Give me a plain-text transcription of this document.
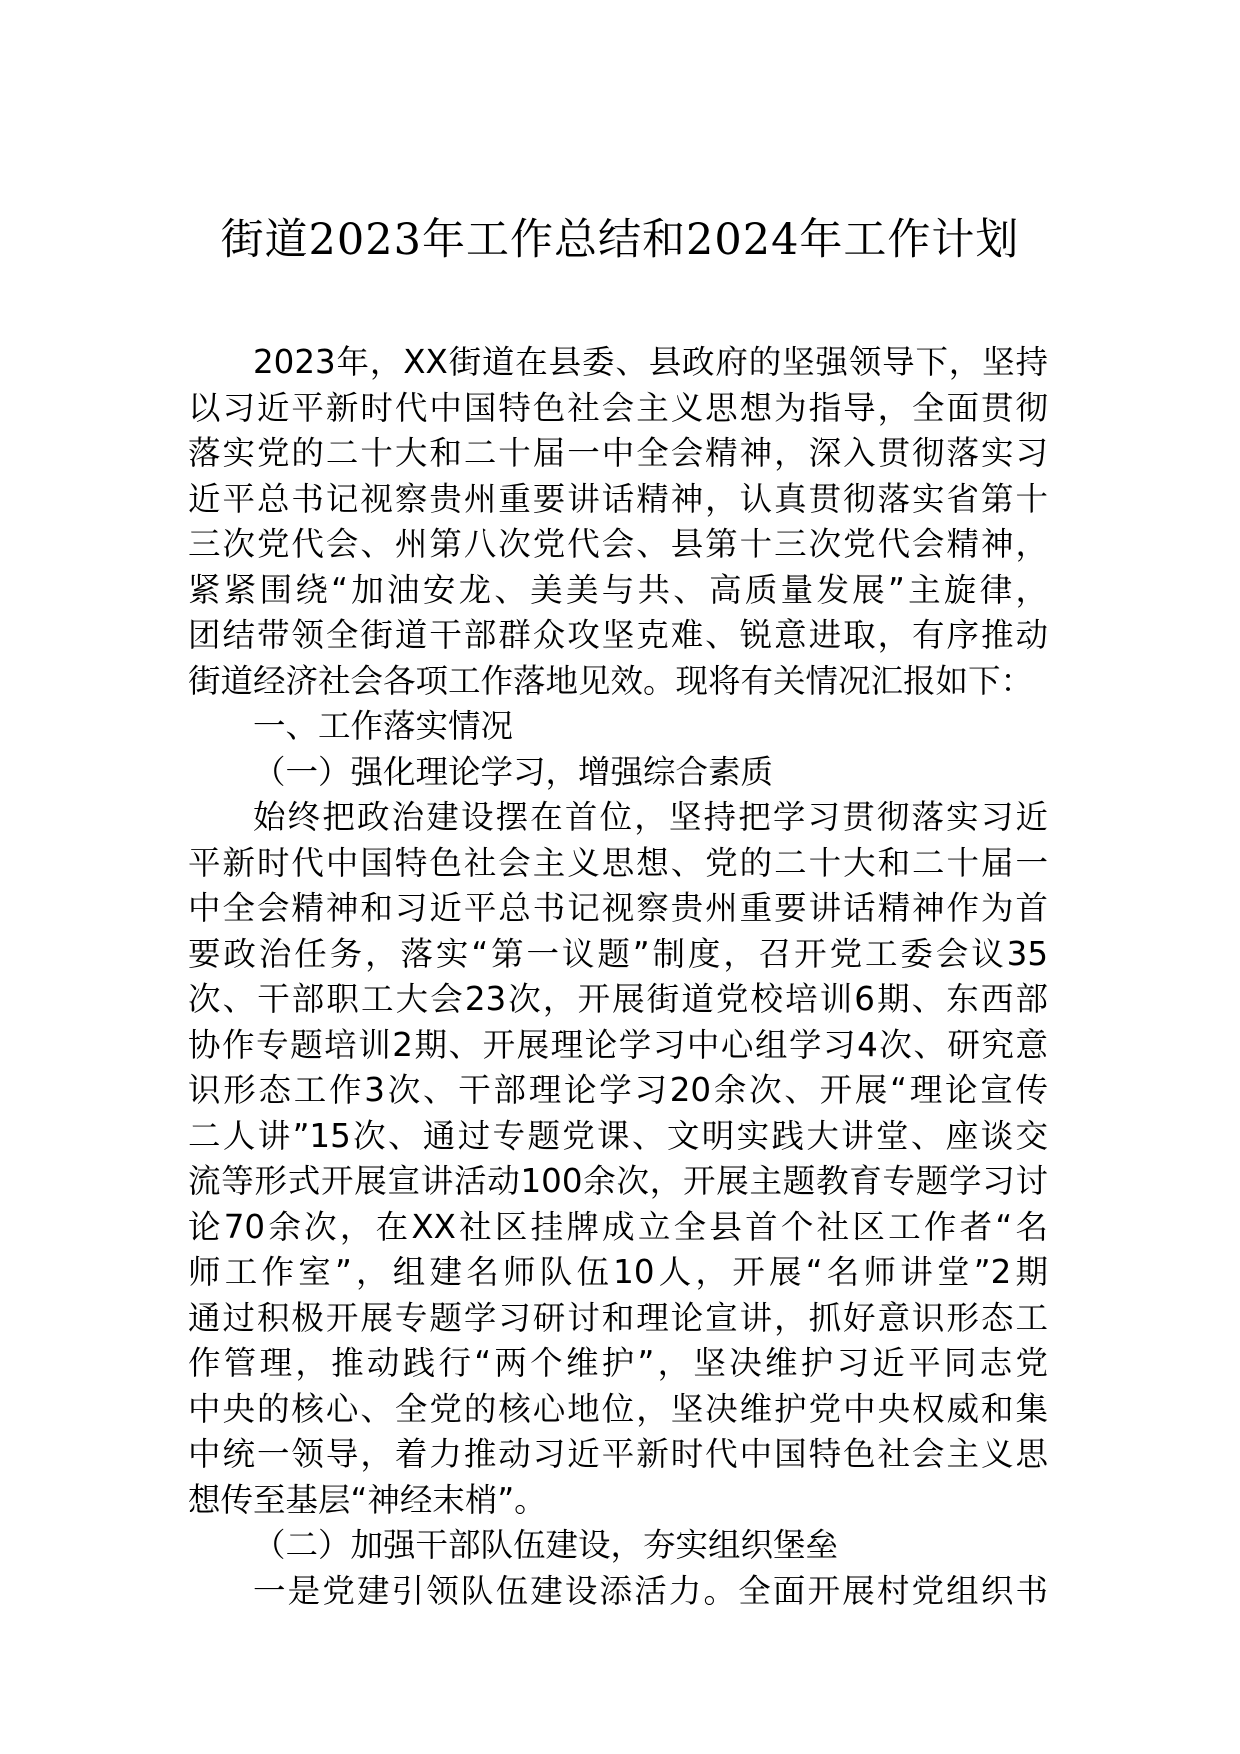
街道2023年工作总结和2024年工作计划
2023年，XX街道在县委、县政府的坚强领导下，坚持
以习近平新时代中国特色社会主义思想为指导，全面贯彻
落实党的二十大和二十届一中全会精神，深入贯彻落实习
近平总书记视察贵州重要讲话精神，认真贯彻落实省第十
三次党代会、州第八次党代会、县第十三次党代会精神，
紧紧围绕“加油安龙、美美与共、高质量发展”主旋律，
团结带领全街道干部群众攻坚克难、锐意进取，有序推动
街道经济社会各项工作落地见效。现将有关情况汇报如下：
一、工作落实情况
（一）强化理论学习，增强综合素质
始终把政治建设摆在首位，坚持把学习贯彻落实习近
平新时代中国特色社会主义思想、党的二十大和二十届一
中全会精神和习近平总书记视察贵州重要讲话精神作为首
要政治任务，落实“第一议题”制度，召开党工委会议35
次、干部职工大会23次，开展街道党校培训6期、东西部
协作专题培训2期、开展理论学习中心组学习4次、研究意
识形态工作3次、干部理论学习20余次、开展“理论宣传
二人讲”15次、通过专题党课、文明实践大讲堂、座谈交
流等形式开展宣讲活动100余次，开展主题教育专题学习讨
论70余次，在XX社区挂牌成立全县首个社区工作者“名
师工作室”，组建名师队伍10人，开展“名师讲堂”2期
通过积极开展专题学习研讨和理论宣讲，抓好意识形态工
作管理，推动践行“两个维护”，坚决维护习近平同志党
中央的核心、全党的核心地位，坚决维护党中央权威和集
中统一领导，着力推动习近平新时代中国特色社会主义思
想传至基层“神经末梢”。
（二）加强干部队伍建设，夯实组织堡垒
一是党建引领队伍建设添活力。全面开展村党组织书
